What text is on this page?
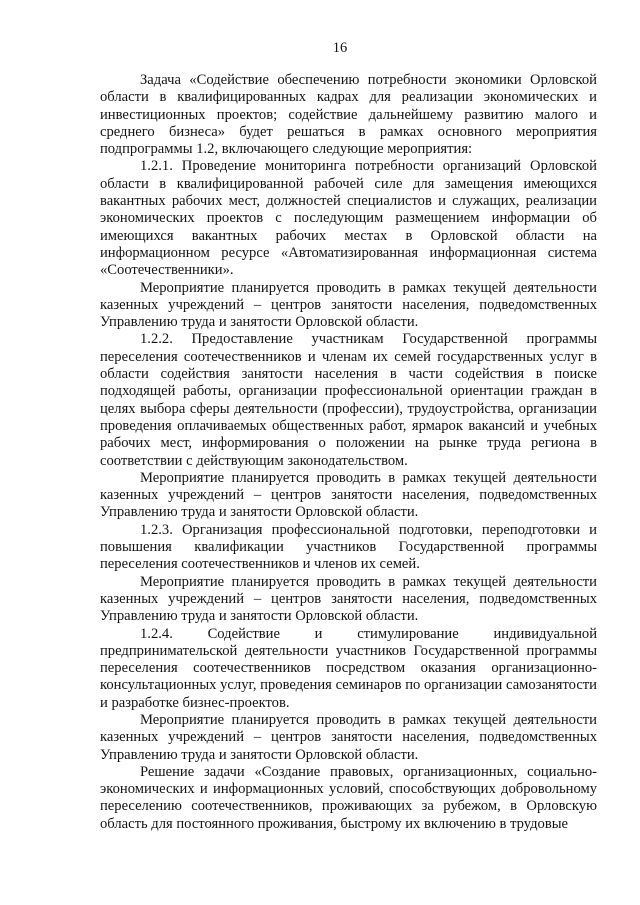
16

Задача «Содействие обеспечению потребности экономики Орловской области в квалифицированных кадрах для реализации экономических и инвестиционных проектов; содействие дальнейшему развитию малого и среднего бизнеса» будет решаться в рамках основного мероприятия подпрограммы 1.2, включающего следующие мероприятия:

1.2.1. Проведение мониторинга потребности организаций Орловской области в квалифицированной рабочей силе для замещения имеющихся вакантных рабочих мест, должностей специалистов и служащих, реализации экономических проектов с последующим размещением информации об имеющихся вакантных рабочих местах в Орловской области на информационном ресурсе «Автоматизированная информационная система «Соотечественники».

Мероприятие планируется проводить в рамках текущей деятельности казенных учреждений – центров занятости населения, подведомственных Управлению труда и занятости Орловской области.

1.2.2. Предоставление участникам Государственной программы переселения соотечественников и членам их семей государственных услуг в области содействия занятости населения в части содействия в поиске подходящей работы, организации профессиональной ориентации граждан в целях выбора сферы деятельности (профессии), трудоустройства, организации проведения оплачиваемых общественных работ, ярмарок вакансий и учебных рабочих мест, информирования о положении на рынке труда региона в соответствии с действующим законодательством.

Мероприятие планируется проводить в рамках текущей деятельности казенных учреждений – центров занятости населения, подведомственных Управлению труда и занятости Орловской области.

1.2.3. Организация профессиональной подготовки, переподготовки и повышения квалификации участников Государственной программы переселения соотечественников и членов их семей.

Мероприятие планируется проводить в рамках текущей деятельности казенных учреждений – центров занятости населения, подведомственных Управлению труда и занятости Орловской области.

1.2.4. Содействие и стимулирование индивидуальной предпринимательской деятельности участников Государственной программы переселения соотечественников посредством оказания организационно-консультационных услуг, проведения семинаров по организации самозанятости и разработке бизнес-проектов.

Мероприятие планируется проводить в рамках текущей деятельности казенных учреждений – центров занятости населения, подведомственных Управлению труда и занятости Орловской области.

Решение задачи «Создание правовых, организационных, социально-экономических и информационных условий, способствующих добровольному переселению соотечественников, проживающих за рубежом, в Орловскую область для постоянного проживания, быстрому их включению в трудовые
